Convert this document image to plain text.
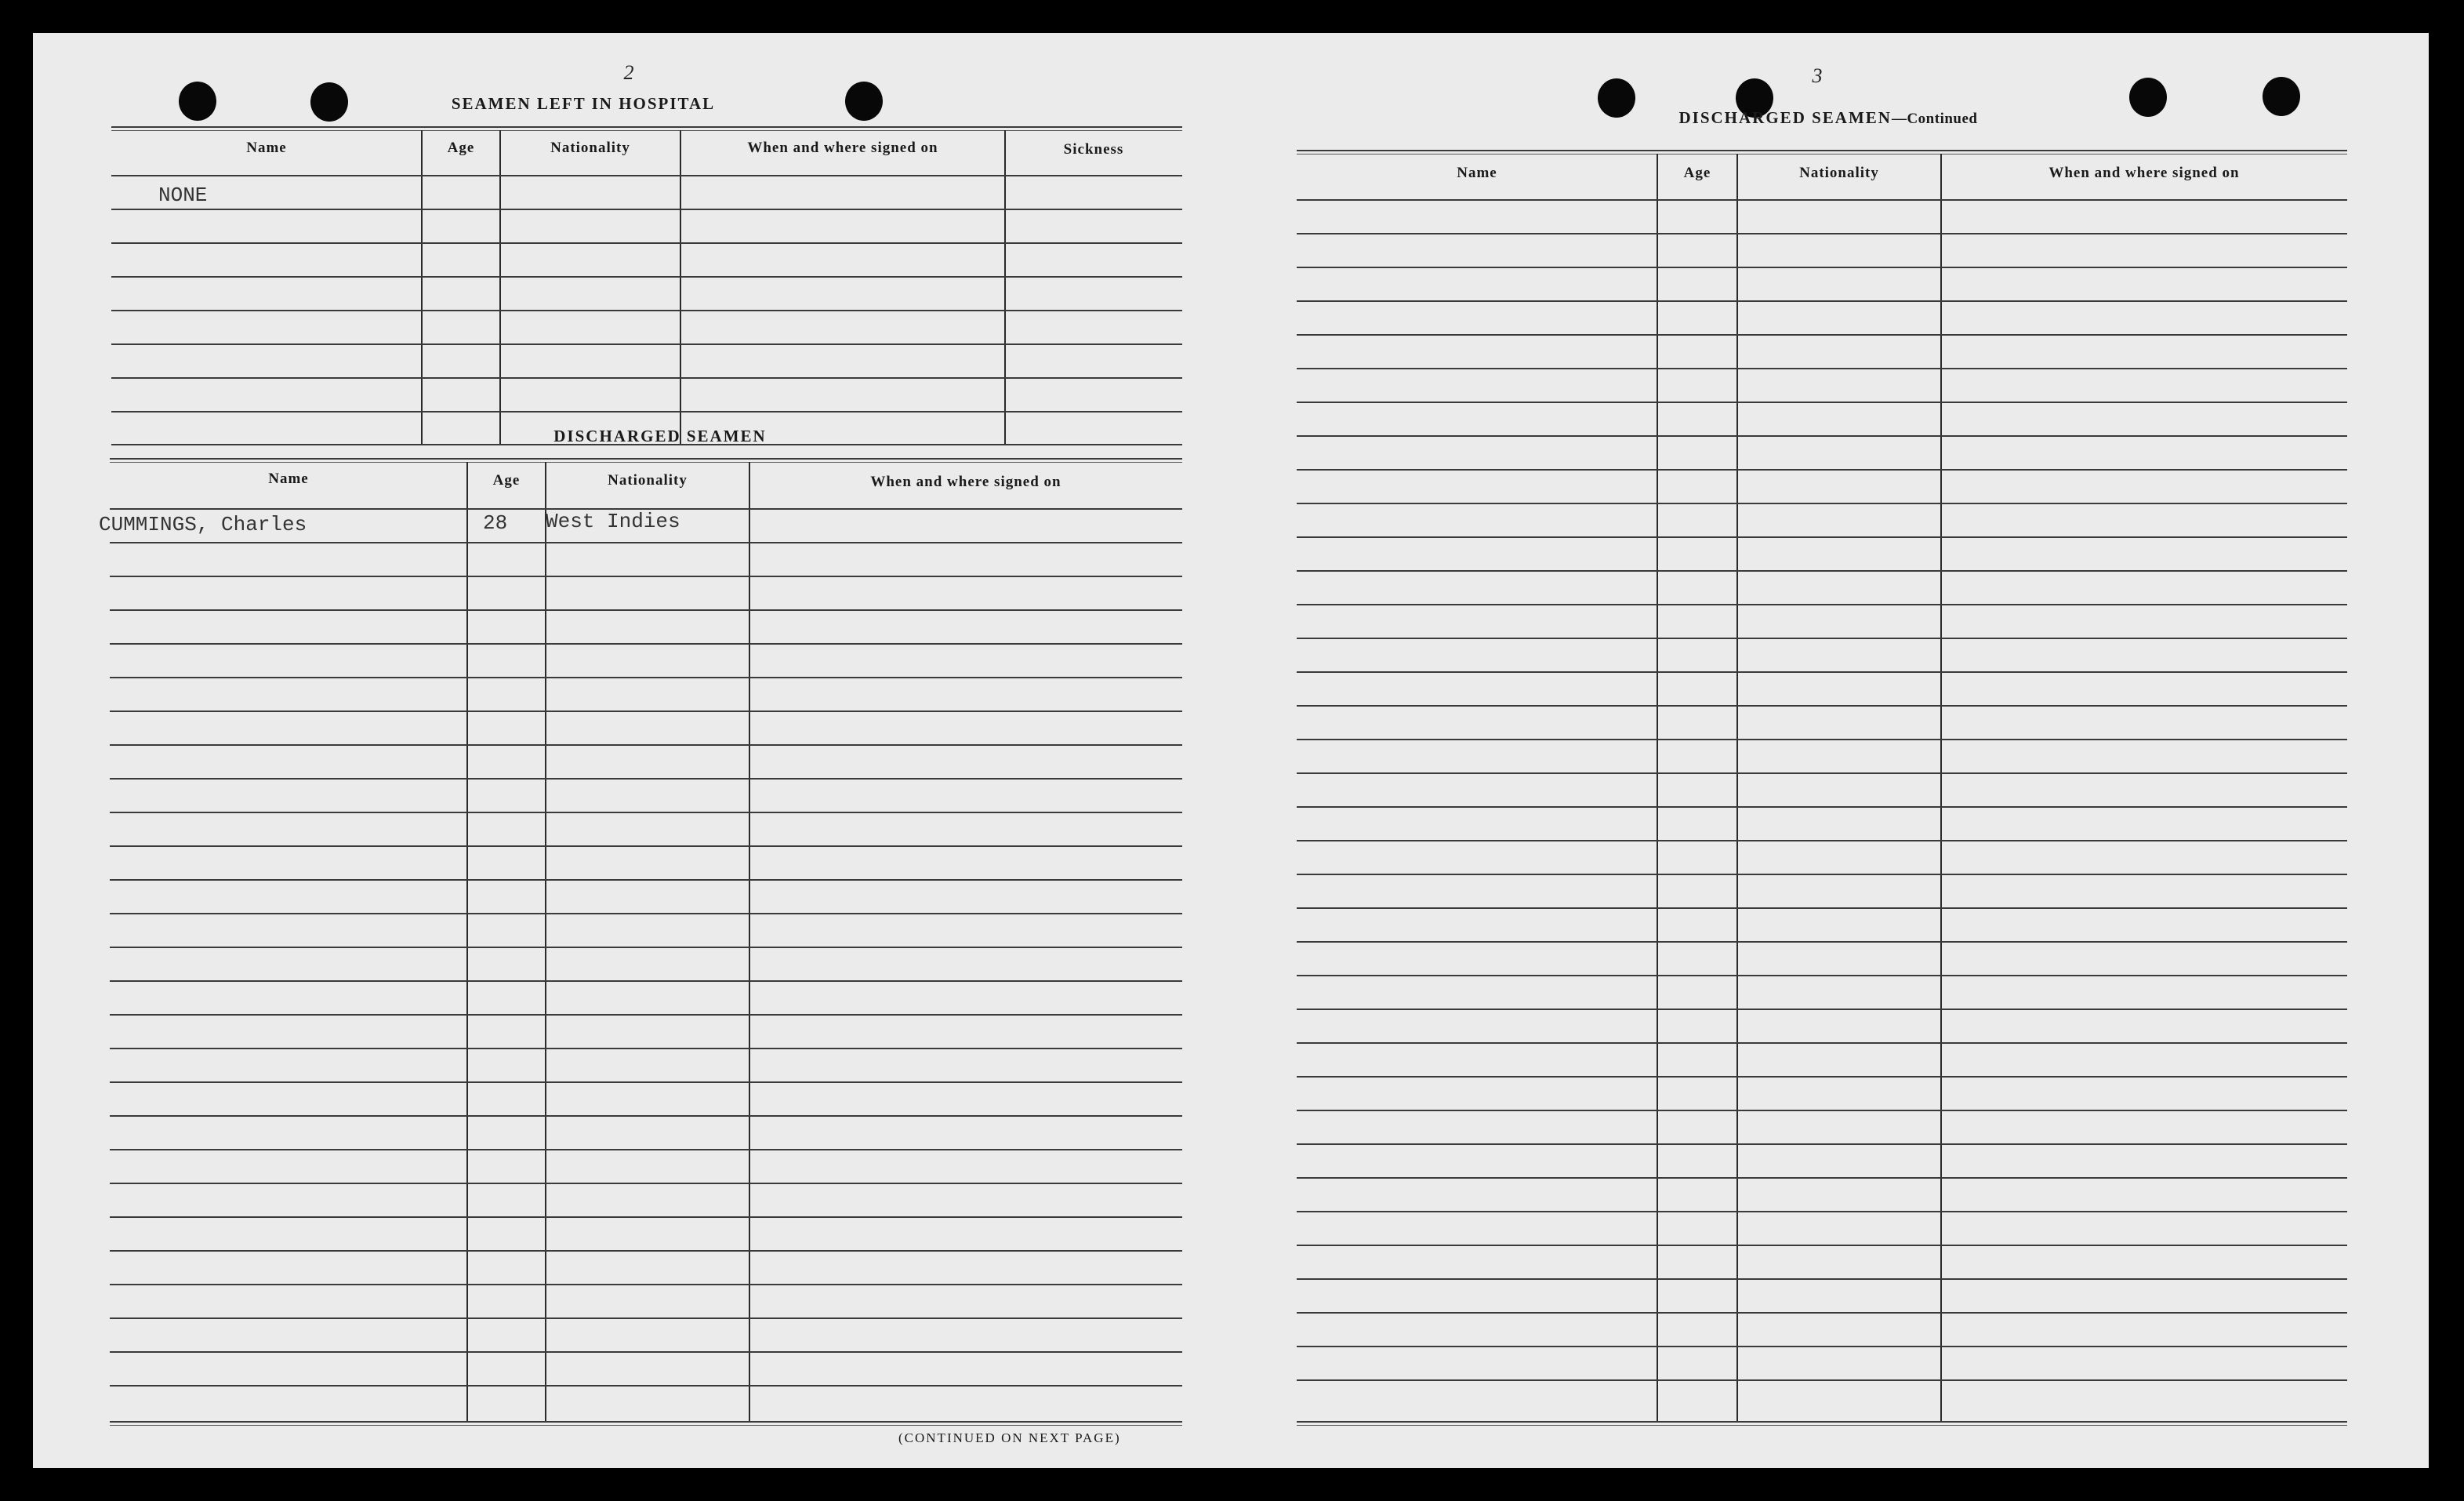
2
SEAMEN LEFT IN HOSPITAL
Name	Age	Nationality	When and where signed on	Sickness
NONE
DISCHARGED SEAMEN
Name	Age	Nationality	When and where signed on
CUMMINGS, Charles	28 West Indies
(CONTINUED ON NEXT PAGE)
3
DISCHARGED SEAMEN—Continued
Name	Age	Nationality	When and where signed on
